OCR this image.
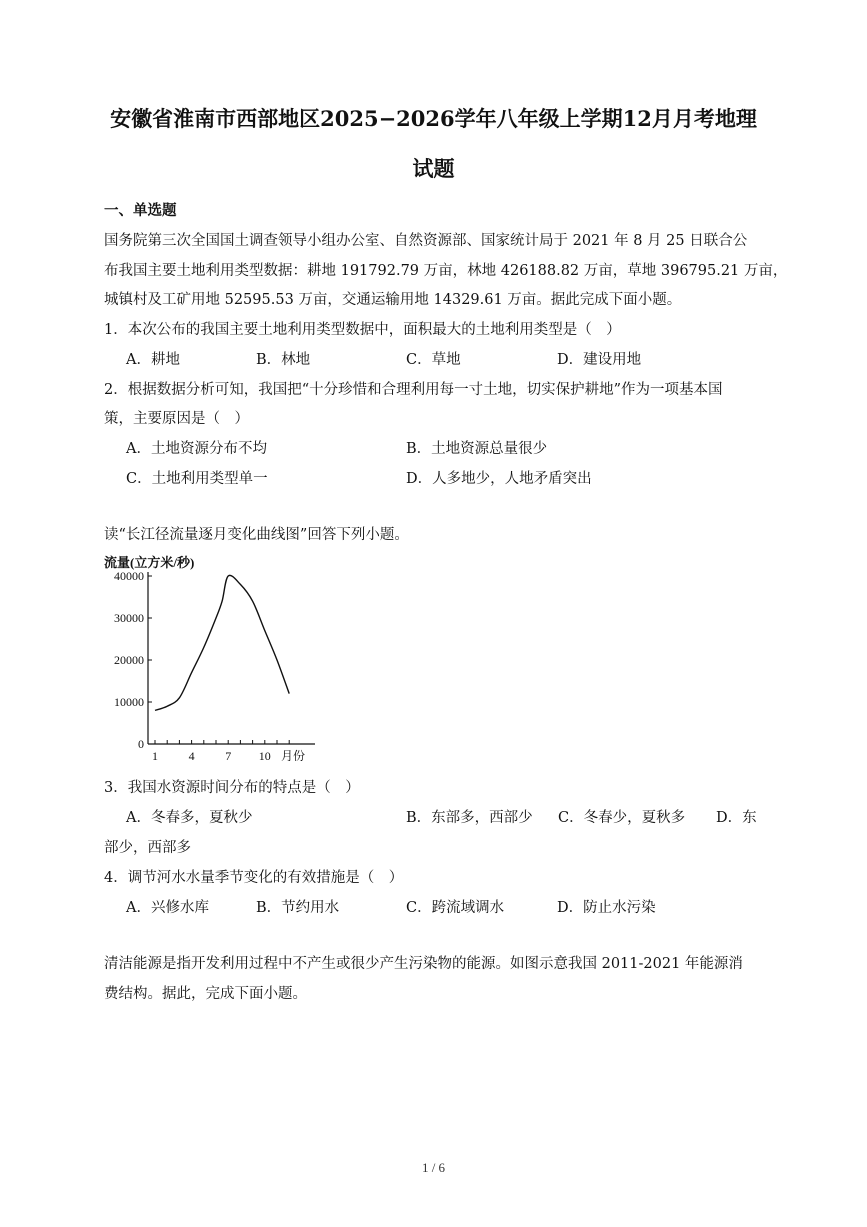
安徽省淮南市西部地区2025−2026学年八年级上学期12月月考地理
试题
一、单选题
国务院第三次全国国土调查领导小组办公室、自然资源部、国家统计局于 2021 年 8 月 25 日联合公
布我国主要土地利用类型数据：耕地 191792.79 万亩，林地 426188.82 万亩，草地 396795.21 万亩，
城镇村及工矿用地 52595.53 万亩，交通运输用地 14329.61 万亩。据此完成下面小题。
1．本次公布的我国主要土地利用类型数据中，面积最大的土地利用类型是（　）
A．耕地	B．林地	C．草地	D．建设用地
2．根据数据分析可知，我国把“十分珍惜和合理利用每一寸土地，切实保护耕地”作为一项基本国
策，主要原因是（　）
A．土地资源分布不均	B．土地资源总量很少
C．土地利用类型单一	D．人多地少，人地矛盾突出
读“长江径流量逐月变化曲线图”回答下列小题。
流量(立方米/秒)
0
10000
20000
30000
40000
1	4	7 10 月份
3．我国水资源时间分布的特点是（　）
A．冬春多，夏秋少	B．东部多，西部少 C．冬春少，夏秋多 D．东
部少，西部多
4．调节河水水量季节变化的有效措施是（　）
A．兴修水库	B．节约用水	C．跨流域调水	D．防止水污染
清洁能源是指开发利用过程中不产生或很少产生污染物的能源。如图示意我国 2011-2021 年能源消
费结构。据此，完成下面小题。
1 / 6
